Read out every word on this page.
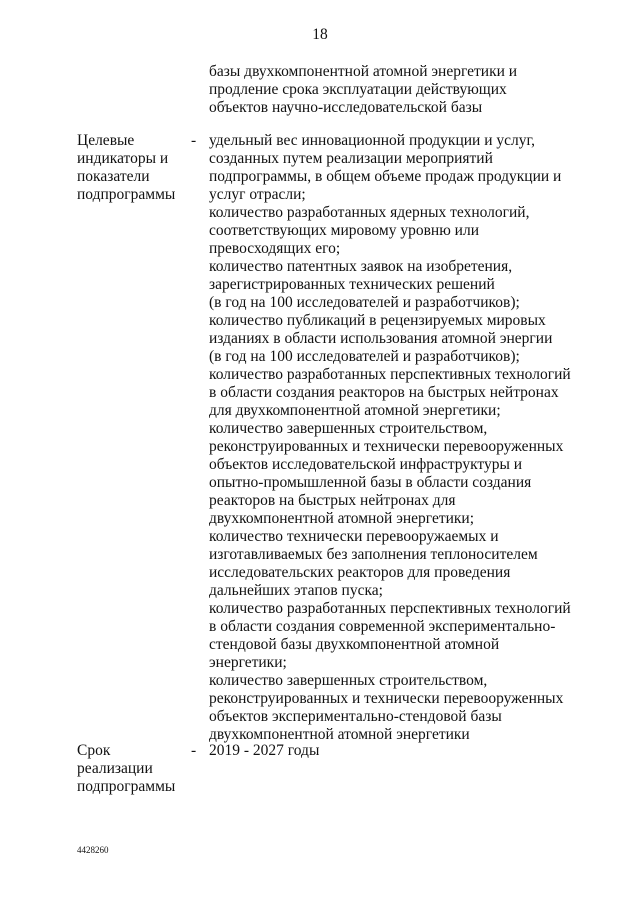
18
базы двухкомпонентной атомной энергетики и
продление срока эксплуатации действующих
объектов научно-исследовательской базы
Целевые
индикаторы и
показатели
подпрограммы
- удельный вес инновационной продукции и услуг,
созданных путем реализации мероприятий
подпрограммы, в общем объеме продаж продукции и
услуг отрасли;
количество разработанных ядерных технологий,
соответствующих мировому уровню или
превосходящих его;
количество патентных заявок на изобретения,
зарегистрированных технических решений
(в год на 100 исследователей и разработчиков);
количество публикаций в рецензируемых мировых
изданиях в области использования атомной энергии
(в год на 100 исследователей и разработчиков);
количество разработанных перспективных технологий
в области создания реакторов на быстрых нейтронах
для двухкомпонентной атомной энергетики;
количество завершенных строительством,
реконструированных и технически перевооруженных
объектов исследовательской инфраструктуры и
опытно-промышленной базы в области создания
реакторов на быстрых нейтронах для
двухкомпонентной атомной энергетики;
количество технически перевооружаемых и
изготавливаемых без заполнения теплоносителем
исследовательских реакторов для проведения
дальнейших этапов пуска;
количество разработанных перспективных технологий
в области создания современной экспериментально-
стендовой базы двухкомпонентной атомной
энергетики;
количество завершенных строительством,
реконструированных и технически перевооруженных
объектов экспериментально-стендовой базы
двухкомпонентной атомной энергетики
Срок
реализации
подпрограммы
- 2019 - 2027 годы
4428260
